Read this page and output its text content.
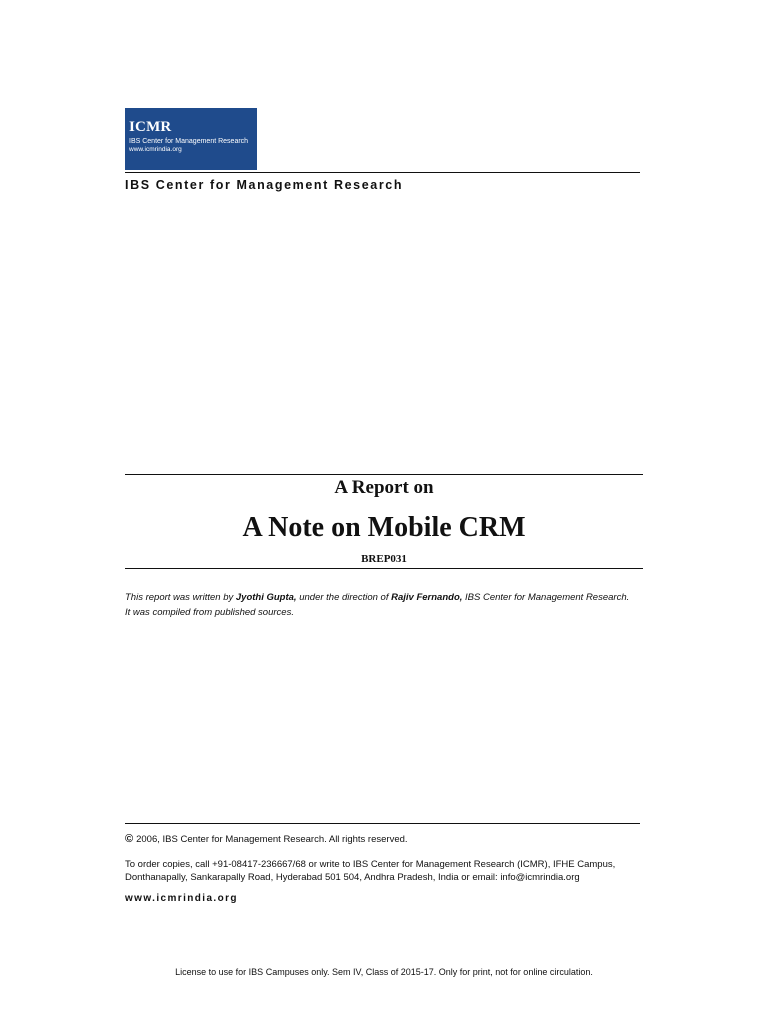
ICMR
IBS Center for Management Research
www.icmrindia.org
IBS Center for Management Research
A Report on
A Note on Mobile CRM
BREP031
This report was written by Jyothi Gupta, under the direction of Rajiv Fernando, IBS Center for Management Research. It was compiled from published sources.
© 2006, IBS Center for Management Research. All rights reserved.
To order copies, call +91-08417-236667/68 or write to IBS Center for Management Research (ICMR), IFHE Campus, Donthanapally, Sankarapally Road, Hyderabad 501 504, Andhra Pradesh, India or email: info@icmrindia.org
www.icmrindia.org
License to use for IBS Campuses only. Sem IV, Class of 2015-17. Only for print, not for online circulation.
